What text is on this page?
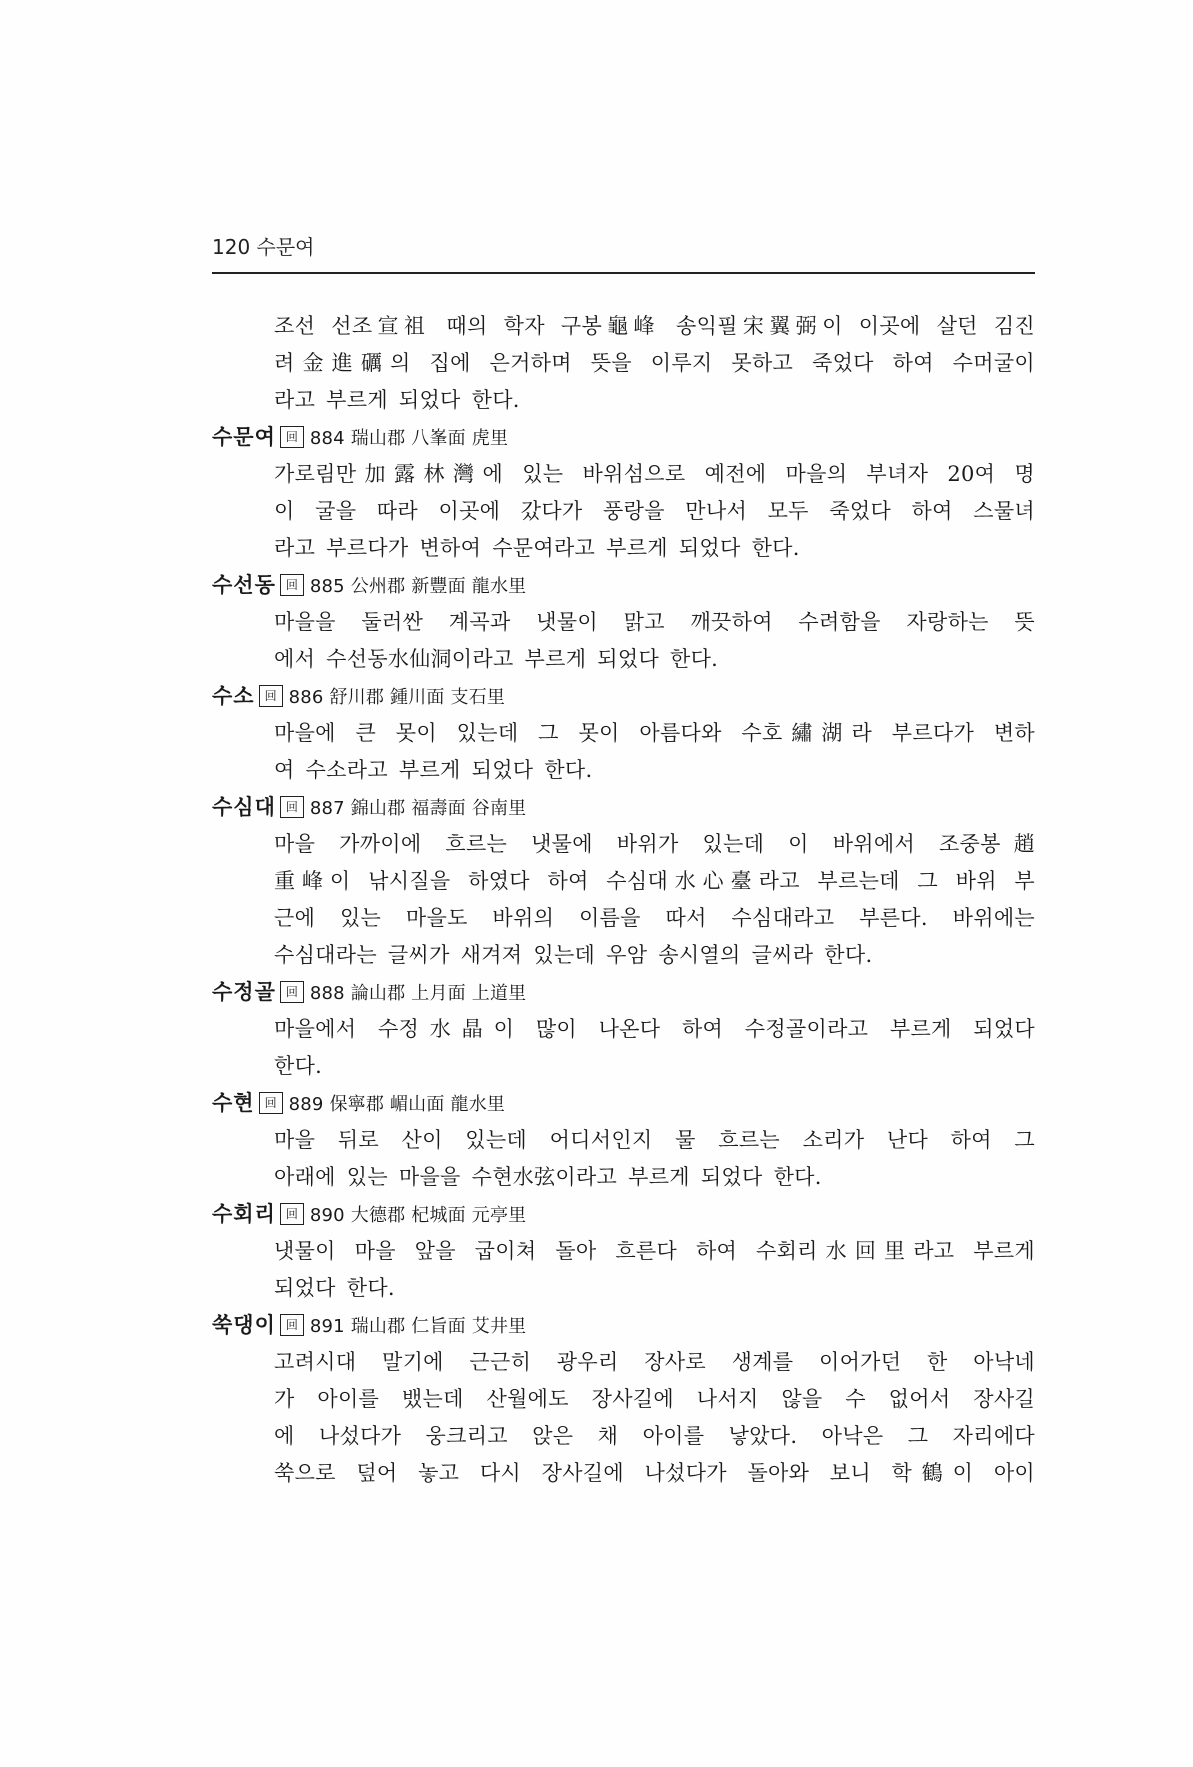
120 수문여
조선 선조宣祖 때의 학자 구봉龜峰 송익필宋翼弼이 이곳에 살던 김진
려金進礪의 집에 은거하며 뜻을 이루지 못하고 죽었다 하여 수머굴이
라고 부르게 되었다 한다.
수문여 回 884 瑞山郡 八峯面 虎里
가로림만加露林灣에 있는 바위섬으로 예전에 마을의 부녀자 20여 명
이 굴을 따라 이곳에 갔다가 풍랑을 만나서 모두 죽었다 하여 스물녀
라고 부르다가 변하여 수문여라고 부르게 되었다 한다.
수선동 回 885 公州郡 新豐面 龍水里
마을을 둘러싼 계곡과 냇물이 맑고 깨끗하여 수려함을 자랑하는 뜻
에서 수선동水仙洞이라고 부르게 되었다 한다.
수소 回 886 舒川郡 鍾川面 支石里
마을에 큰 못이 있는데 그 못이 아름다와 수호繡湖라 부르다가 변하
여 수소라고 부르게 되었다 한다.
수심대 回 887 錦山郡 福壽面 谷南里
마을 가까이에 흐르는 냇물에 바위가 있는데 이 바위에서 조중봉趙
重峰이 낚시질을 하였다 하여 수심대水心臺라고 부르는데 그 바위 부
근에 있는 마을도 바위의 이름을 따서 수심대라고 부른다. 바위에는
수심대라는 글씨가 새겨져 있는데 우암 송시열의 글씨라 한다.
수정골 回 888 論山郡 上月面 上道里
마을에서 수정水晶이 많이 나온다 하여 수정골이라고 부르게 되었다
한다.
수현 回 889 保寧郡 嵋山面 龍水里
마을 뒤로 산이 있는데 어디서인지 물 흐르는 소리가 난다 하여 그
아래에 있는 마을을 수현水弦이라고 부르게 되었다 한다.
수회리 回 890 大德郡 杞城面 元亭里
냇물이 마을 앞을 굽이쳐 돌아 흐른다 하여 수회리水回里라고 부르게
되었다 한다.
쑥댕이 回 891 瑞山郡 仁旨面 艾井里
고려시대 말기에 근근히 광우리 장사로 생계를 이어가던 한 아낙네
가 아이를 뱄는데 산월에도 장사길에 나서지 않을 수 없어서 장사길
에 나섰다가 웅크리고 앉은 채 아이를 낳았다. 아낙은 그 자리에다
쑥으로 덮어 놓고 다시 장사길에 나섰다가 돌아와 보니 학鶴이 아이
